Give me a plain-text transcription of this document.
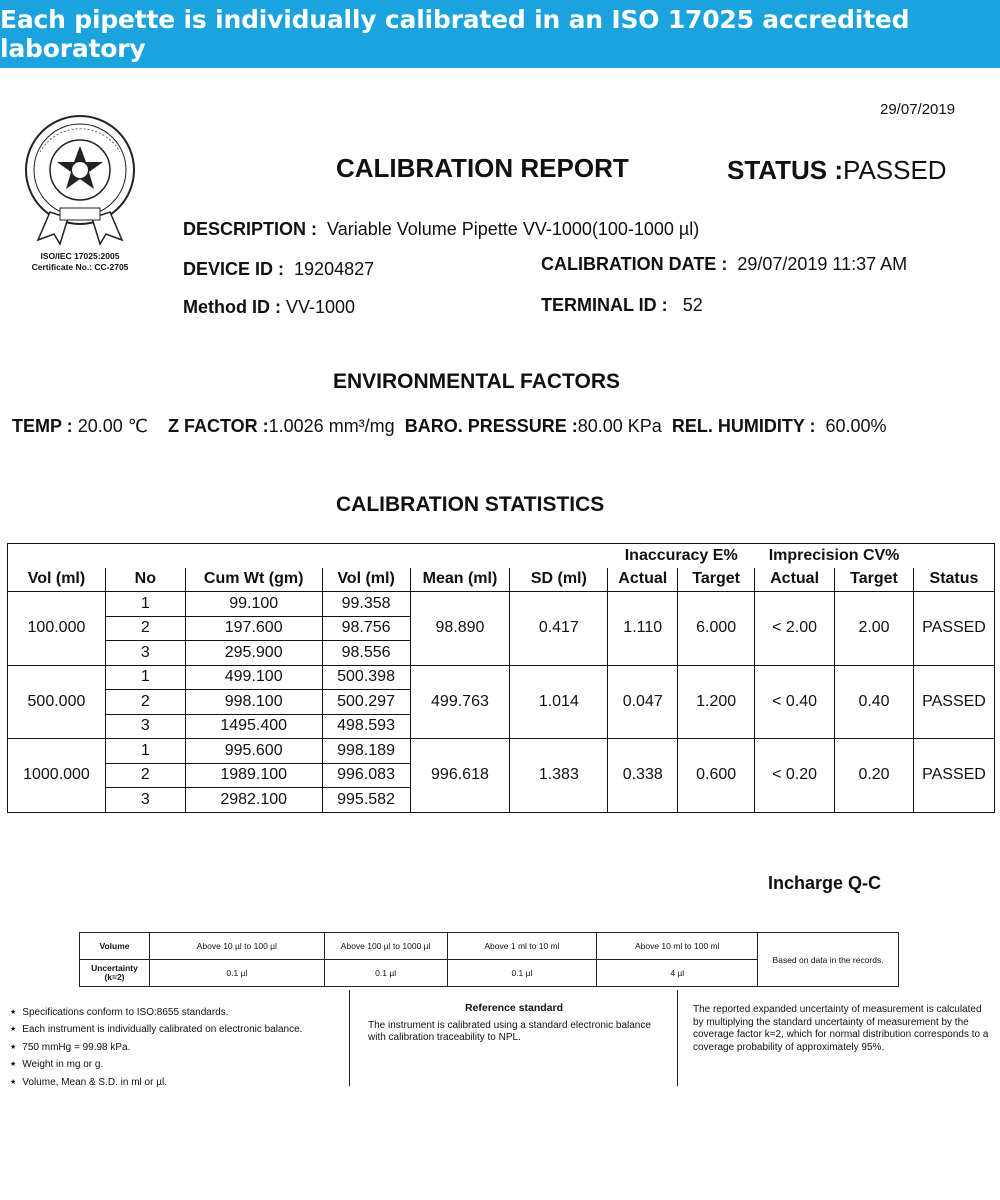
Each pipette is individually calibrated in an ISO 17025 accredited laboratory
29/07/2019
ISO/IEC 17025:2005
Certificate No.: CC-2705
CALIBRATION REPORT	STATUS :PASSED
DESCRIPTION : Variable Volume Pipette VV-1000(100-1000 µl)
DEVICE ID : 19204827
Method ID : VV-1000
CALIBRATION DATE : 29/07/2019 11:37 AM
TERMINAL ID : 52
ENVIRONMENTAL FACTORS
TEMP : 20.00 ℃ Z FACTOR :1.0026 mm³/mg BARO. PRESSURE :80.00 KPa REL. HUMIDITY : 60.00%
CALIBRATION STATISTICS
						Inaccuracy E%		Imprecision CV%		
Vol (ml)	No	Cum Wt (gm)	Vol (ml)	Mean (ml)	SD (ml)	Actual	Target	Actual	Target	Status
100.000	1	99.100	99.358	98.890	0.417	1.110	6.000	< 2.00	2.00	PASSED
	2	197.600	98.756							
	3	295.900	98.556							
500.000	1	499.100	500.398	499.763	1.014	0.047	1.200	< 0.40	0.40	PASSED
	2	998.100	500.297							
	3	1495.400	498.593							
1000.000	1	995.600	998.189	996.618	1.383	0.338	0.600	< 0.20	0.20	PASSED
	2	1989.100	996.083							
	3	2982.100	995.582							
Incharge Q-C
Volume	Above 10 µl to 100 µl	Above 100 µl to 1000 µl	Above 1 ml to 10 ml	Above 10 ml to 100 ml	Based on data in the records.
Uncertainty (k=2)	0.1 µl	0.1 µl	0.1 µl	4 µl	
★ Specifications conform to ISO:8655 standards.
★ Each instrument is individually calibrated on electronic balance.
★ 750 mmHg = 99.98 kPa.
★ Weight in mg or g.
★ Volume, Mean & S.D. in ml or µl.
Reference standard
The instrument is calibrated using a standard electronic balance with calibration traceability to NPL.
The reported expanded uncertainty of measurement is calculated by multiplying the standard uncertainty of measurement by the coverage factor k=2, which for normal distribution corresponds to a coverage probability of approximately 95%.
